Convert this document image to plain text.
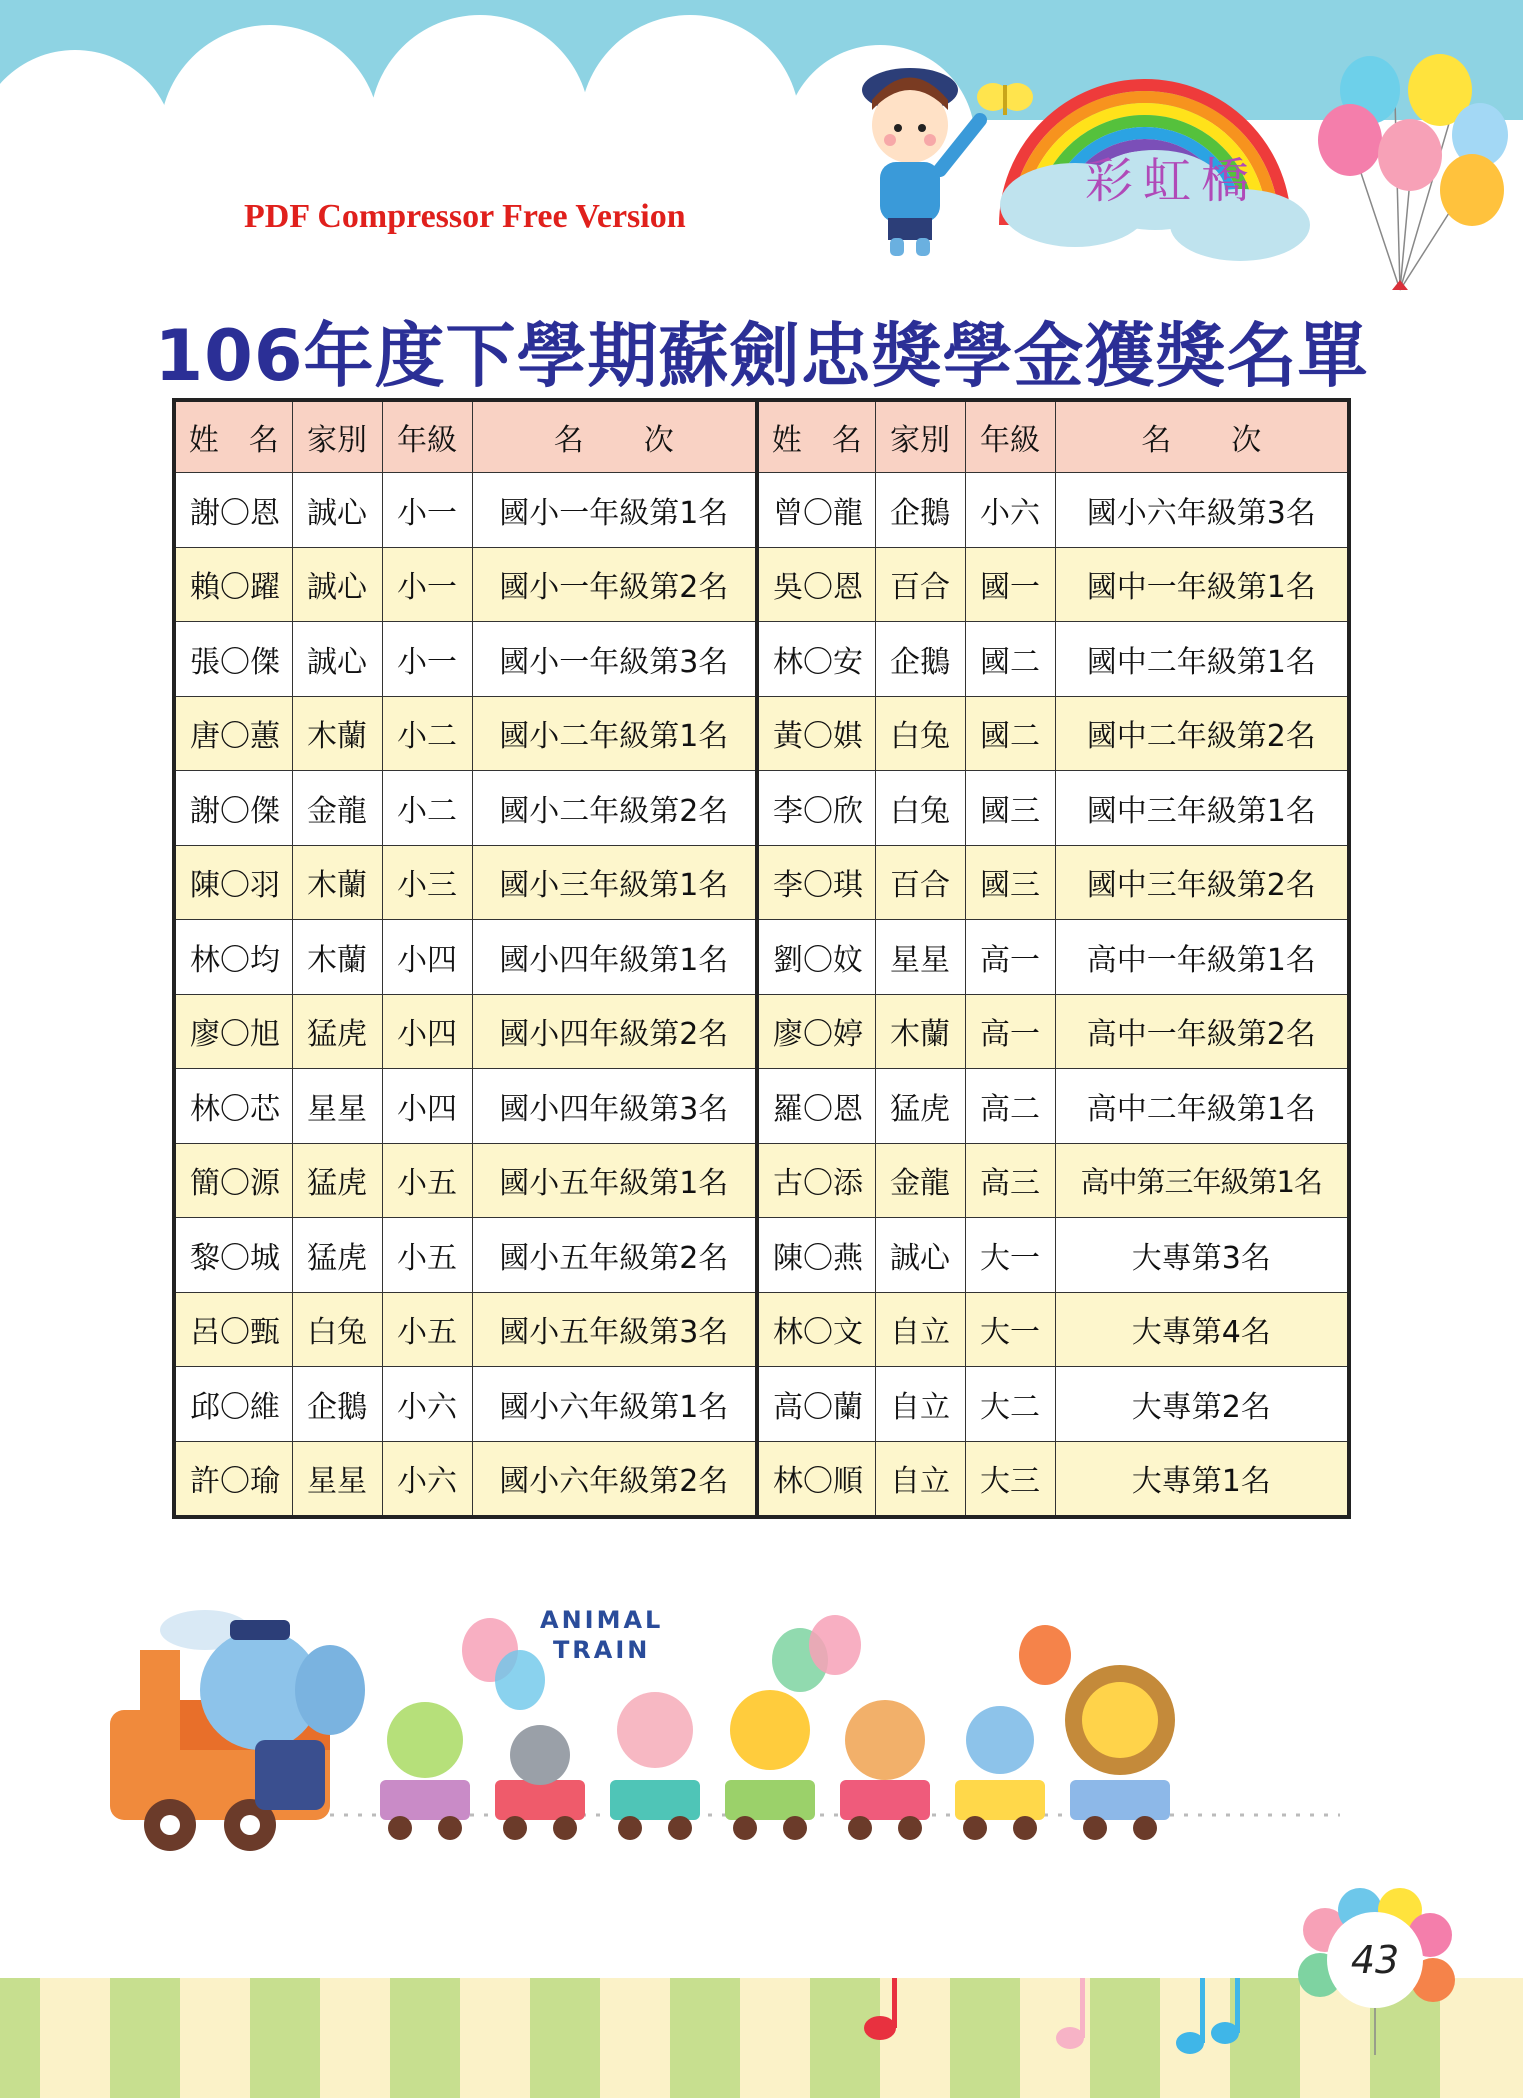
彩虹橋
PDF Compressor Free Version
106年度下學期蘇劍忠獎學金獲獎名單
姓　名	家別	年級	名　　次	姓　名	家別	年級	名　　次
謝〇恩	誠心	小一	國小一年級第1名	曾〇龍	企鵝	小六	國小六年級第3名
賴〇躍	誠心	小一	國小一年級第2名	吳〇恩	百合	國一	國中一年級第1名
張〇傑	誠心	小一	國小一年級第3名	林〇安	企鵝	國二	國中二年級第1名
唐〇蕙	木蘭	小二	國小二年級第1名	黃〇娸	白兔	國二	國中二年級第2名
謝〇傑	金龍	小二	國小二年級第2名	李〇欣	白兔	國三	國中三年級第1名
陳〇羽	木蘭	小三	國小三年級第1名	李〇琪	百合	國三	國中三年級第2名
林〇均	木蘭	小四	國小四年級第1名	劉〇妏	星星	高一	高中一年級第1名
廖〇旭	猛虎	小四	國小四年級第2名	廖〇婷	木蘭	高一	高中一年級第2名
林〇芯	星星	小四	國小四年級第3名	羅〇恩	猛虎	高二	高中二年級第1名
簡〇源	猛虎	小五	國小五年級第1名	古〇添	金龍	高三	高中第三年級第1名
黎〇城	猛虎	小五	國小五年級第2名	陳〇燕	誠心	大一	大專第3名
呂〇甄	白兔	小五	國小五年級第3名	林〇文	自立	大一	大專第4名
邱〇維	企鵝	小六	國小六年級第1名	高〇蘭	自立	大二	大專第2名
許〇瑜	星星	小六	國小六年級第2名	林〇順	自立	大三	大專第1名
ANIMAL
TRAIN
43
